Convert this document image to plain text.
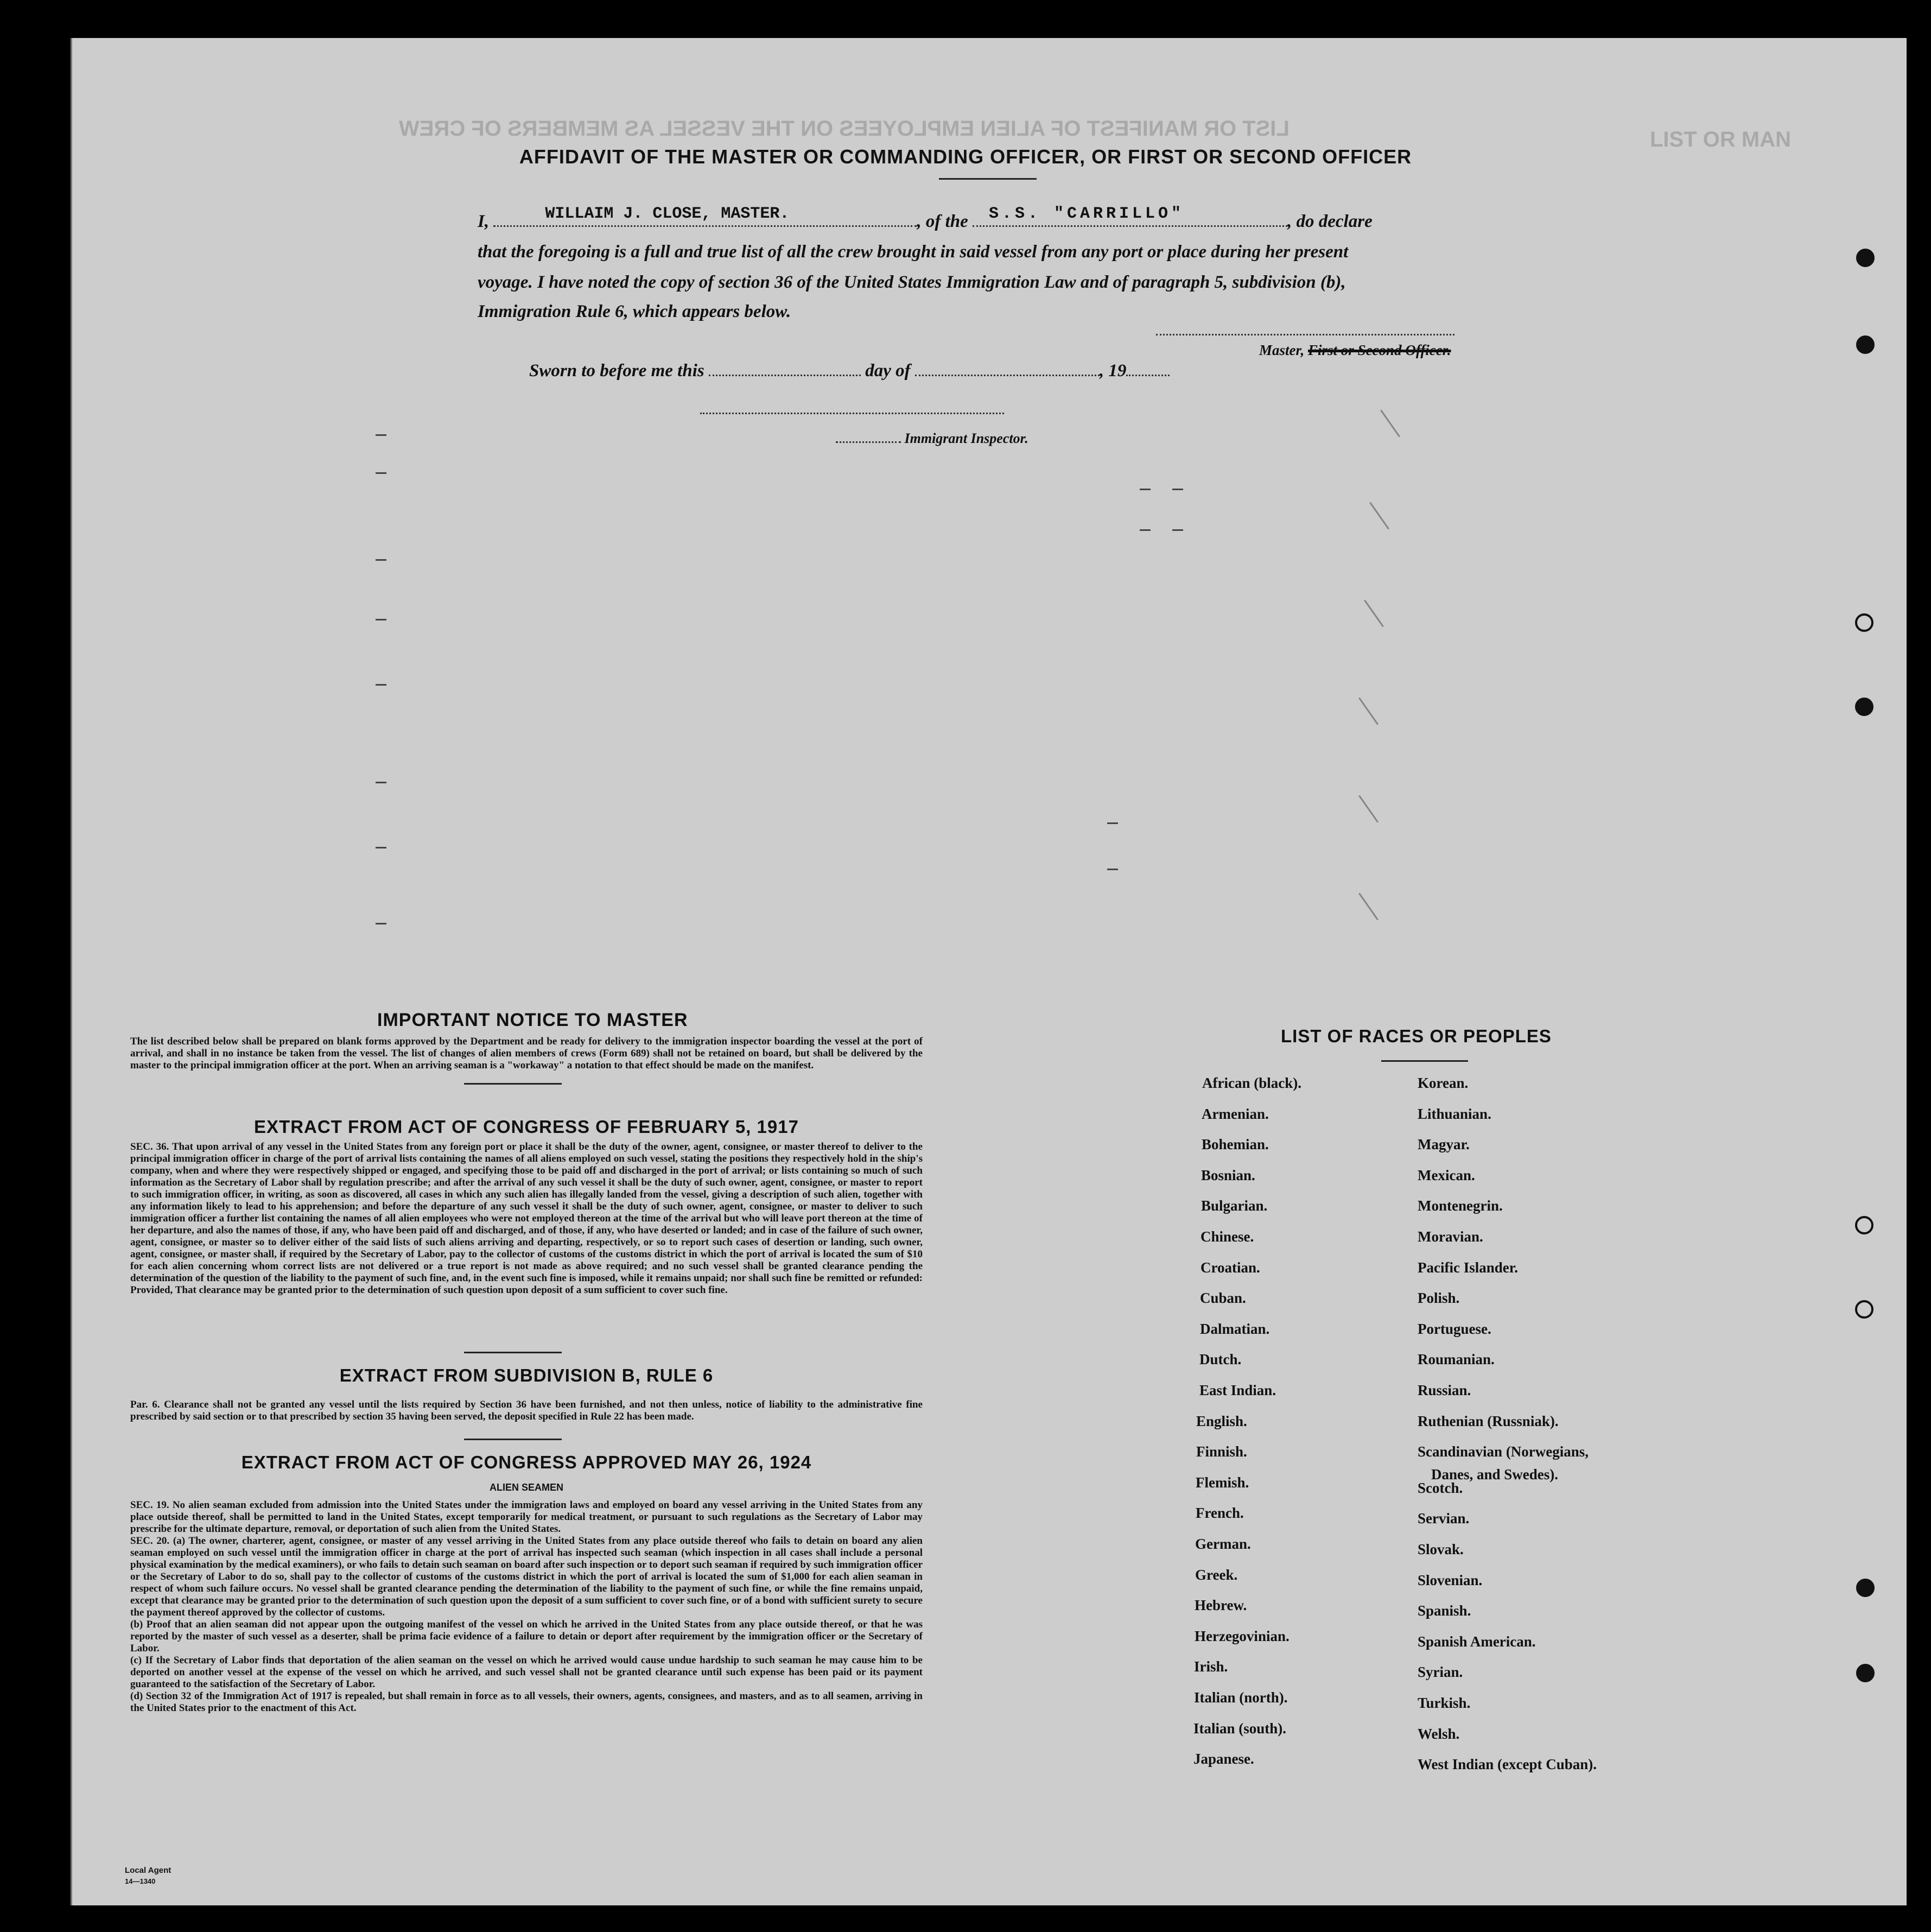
LIST OR MANIFEST OF ALIEN EMPLOYEES ON THE VESSEL AS MEMBERS OF CREW	LIST OR MAN
AFFIDAVIT OF THE MASTER OR COMMANDING OFFICER, OR FIRST OR SECOND OFFICER
I,	WILLAIM J. CLOSE, MASTER.	, of the S.S. "CARRILLO"	, do declare
that the foregoing is a full and true list of all the crew brought in said vessel from any port or place during her present
voyage. I have noted the copy of section 36 of the United States Immigration Law and of paragraph 5, subdivision (b),
Immigration Rule 6, which appears below.
Master, First or Second Officer.
Sworn to before me this	day of	, 19
Immigrant Inspector.
IMPORTANT NOTICE TO MASTER
The list described below shall be prepared on blank forms approved by the Department and be ready for delivery to the immigration inspector boarding the vessel at the port of arrival, and shall in no instance be taken from the vessel. The list of changes of alien members of crews (Form 689) shall not be retained on board, but shall be delivered by the master to the principal immigration officer at the port. When an arriving seaman is a "workaway" a notation to that effect should be made on the manifest.
EXTRACT FROM ACT OF CONGRESS OF FEBRUARY 5, 1917
SEC. 36. That upon arrival of any vessel in the United States from any foreign port or place it shall be the duty of the owner, agent, consignee, or master thereof to deliver to the principal immigration officer in charge of the port of arrival lists containing the names of all aliens employed on such vessel, stating the positions they respectively hold in the ship's company, when and where they were respectively shipped or engaged, and specifying those to be paid off and discharged in the port of arrival; or lists containing so much of such information as the Secretary of Labor shall by regulation prescribe; and after the arrival of any such vessel it shall be the duty of such owner, agent, consignee, or master to report to such immigration officer, in writing, as soon as discovered, all cases in which any such alien has illegally landed from the vessel, giving a description of such alien, together with any information likely to lead to his apprehension; and before the departure of any such vessel it shall be the duty of such owner, agent, consignee, or master to deliver to such immigration officer a further list containing the names of all alien employees who were not employed thereon at the time of the arrival but who will leave port thereon at the time of her departure, and also the names of those, if any, who have been paid off and discharged, and of those, if any, who have deserted or landed; and in case of the failure of such owner, agent, consignee, or master so to deliver either of the said lists of such aliens arriving and departing, respectively, or so to report such cases of desertion or landing, such owner, agent, consignee, or master shall, if required by the Secretary of Labor, pay to the collector of customs of the customs district in which the port of arrival is located the sum of $10 for each alien concerning whom correct lists are not delivered or a true report is not made as above required; and no such vessel shall be granted clearance pending the determination of the question of the liability to the payment of such fine, and, in the event such fine is imposed, while it remains unpaid; nor shall such fine be remitted or refunded: Provided, That clearance may be granted prior to the determination of such question upon deposit of a sum sufficient to cover such fine.
EXTRACT FROM SUBDIVISION B, RULE 6
Par. 6. Clearance shall not be granted any vessel until the lists required by Section 36 have been furnished, and not then unless, notice of liability to the administrative fine prescribed by said section or to that prescribed by section 35 having been served, the deposit specified in Rule 22 has been made.
EXTRACT FROM ACT OF CONGRESS APPROVED MAY 26, 1924
ALIEN SEAMEN
SEC. 19. No alien seaman excluded from admission into the United States under the immigration laws and employed on board any vessel arriving in the United States from any place outside thereof, shall be permitted to land in the United States, except temporarily for medical treatment, or pursuant to such regulations as the Secretary of Labor may prescribe for the ultimate departure, removal, or deportation of such alien from the United States.
SEC. 20. (a) The owner, charterer, agent, consignee, or master of any vessel arriving in the United States from any place outside thereof who fails to detain on board any alien seaman employed on such vessel until the immigration officer in charge at the port of arrival has inspected such seaman (which inspection in all cases shall include a personal physical examination by the medical examiners), or who fails to detain such seaman on board after such inspection or to deport such seaman if required by such immigration officer or the Secretary of Labor to do so, shall pay to the collector of customs of the customs district in which the port of arrival is located the sum of $1,000 for each alien seaman in respect of whom such failure occurs. No vessel shall be granted clearance pending the determination of the liability to the payment of such fine, or while the fine remains unpaid, except that clearance may be granted prior to the determination of such question upon the deposit of a sum sufficient to cover such fine, or of a bond with sufficient surety to secure the payment thereof approved by the collector of customs.
(b) Proof that an alien seaman did not appear upon the outgoing manifest of the vessel on which he arrived in the United States from any place outside thereof, or that he was reported by the master of such vessel as a deserter, shall be prima facie evidence of a failure to detain or deport after requirement by the immigration officer or the Secretary of Labor.
(c) If the Secretary of Labor finds that deportation of the alien seaman on the vessel on which he arrived would cause undue hardship to such seaman he may cause him to be deported on another vessel at the expense of the vessel on which he arrived, and such vessel shall not be granted clearance until such expense has been paid or its payment guaranteed to the satisfaction of the Secretary of Labor.
(d) Section 32 of the Immigration Act of 1917 is repealed, but shall remain in force as to all vessels, their owners, agents, consignees, and masters, and as to all seamen, arriving in the United States prior to the enactment of this Act.
Local Agent
14—1340
LIST OF RACES OR PEOPLES
African (black).
Armenian.
Bohemian.
Bosnian.
Bulgarian.
Chinese.
Croatian.
Cuban.
Dalmatian.
Dutch.
East Indian.
English.
Finnish.
Flemish.
French.
German.
Greek.
Hebrew.
Herzegovinian.
Irish.
Italian (north).
Italian (south).
Japanese.
Korean.
Lithuanian.
Magyar.
Mexican.
Montenegrin.
Moravian.
Pacific Islander.
Polish.
Portuguese.
Roumanian.
Russian.
Ruthenian (Russniak).
Scandinavian (Norwegians,
Scotch.
Servian.
Slovak.
Slovenian.
Spanish.
Spanish American.
Syrian.
Turkish.
Welsh.
West Indian (except Cuban).
Danes, and Swedes).
